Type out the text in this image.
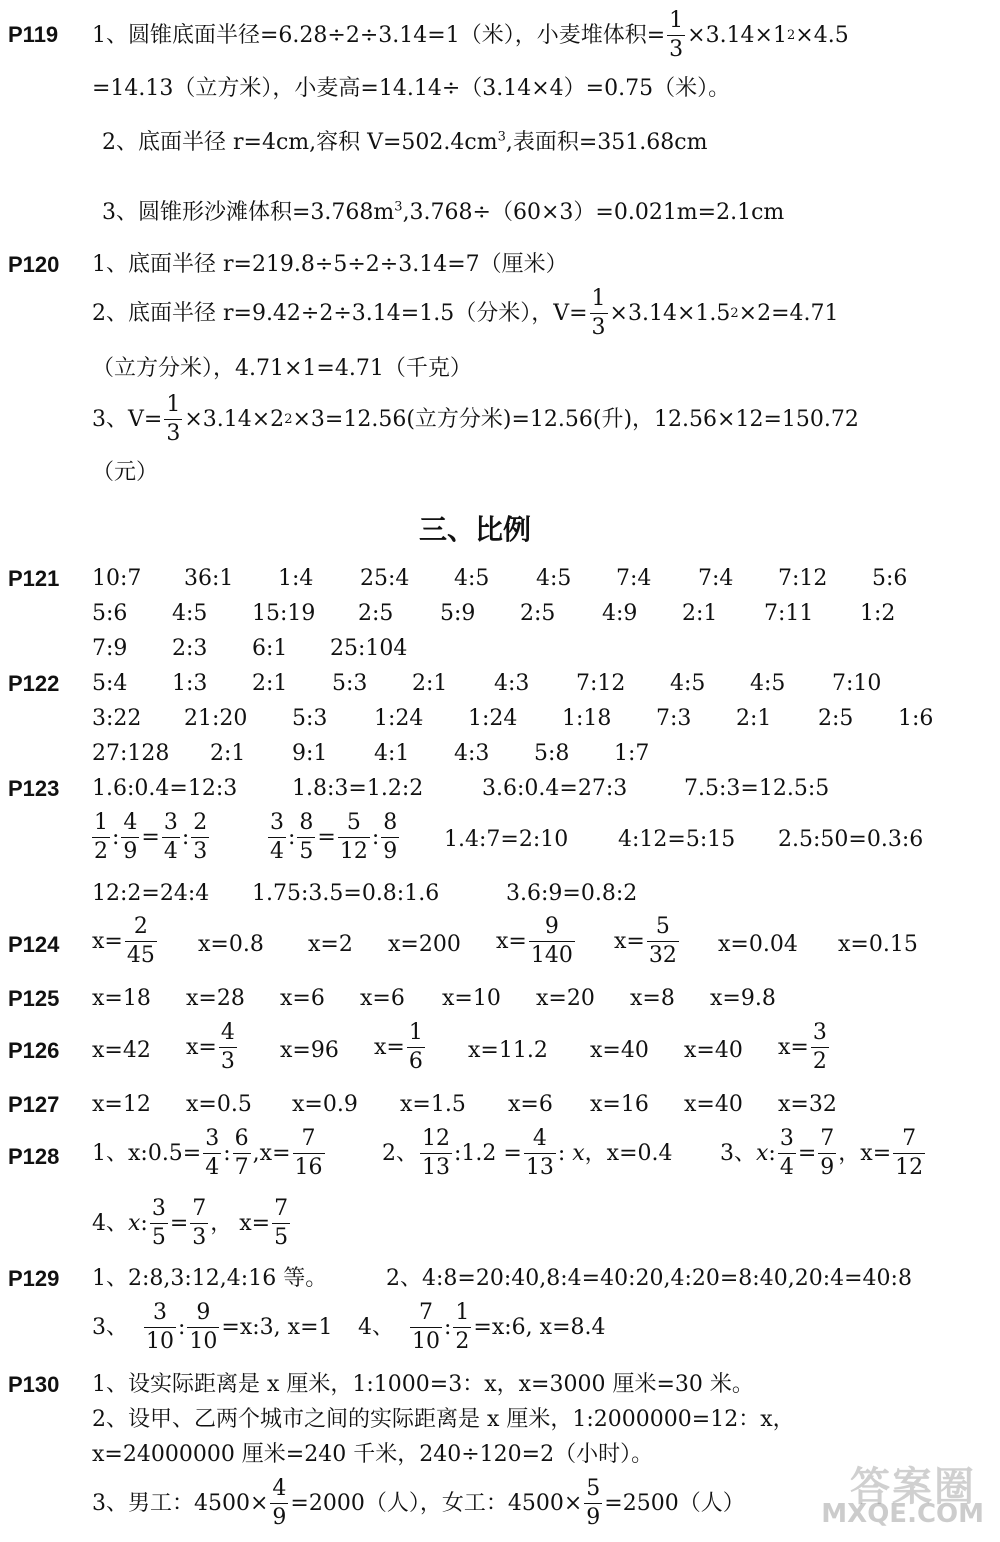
P119 1、圆锥底面半径=6.28÷2÷3.14=1（米），小麦堆体积= $\frac{1}{3} \times 3.14\times 1$ 2 ×4.5
=14.13（立方米），小麦高=14.14÷（3.14×4）=0.75（米）。
2、底面半径 r=4cm,容积 $V=502.4cm^3$,表面积=351.68cm
3、圆锥形沙滩体积$=3.768m^3,3.768\div(60\times 3)=0.021m=2.1cm$
P120 1、底面半径 r=219.8÷5÷2÷3.14=7（厘米）
2、底面半径 r=9.42÷2÷3.14=1.5（分米），$V= \frac{1}{3} \times 3.14\times 1.5$ 2 ×2=4.71
（立方分米），4.71×1=4.71（千克）
3、$V= \frac{1}{3} \times 3.14\times 2$ 2 ×3=12.56(立方分米)=12.56(升)，12.56×12=150.72
（元）
三、比例
P121 10:7 36:1 1:4 25:4 4:5 4:5 7:4 7:4 7:12 5:6
5:6 4:5 15:19 2:5 5:9 2:5 4:9 2:1 7:11 1:2
7:9 2:3 6:1 25:104
P122 5:4 1:3 2:1 5:3 2:1 4:3 7:12 4:5 4:5 7:10
3:22 21:20 5:3 1:24 1:24 1:18 7:3 2:1 2:5 1:6
27:128 2:1 9:1 4:1 4:3 5:8 1:7
P123 1.6:0.4=12:3 1.8:3=1.2:2	3.6:0.4=27:3	7.5:3=12.5:5
$\frac{1}{2}$ : $\frac{4}{9} = \frac{3}{4}$ : $\frac{2}{3}$	$\frac{3}{4}$ : $\frac{8}{5} = \frac{5}{12}$ : $\frac{8}{9}$ 1.4:7=2:10 4:12=5:15 2.5:50=0.3:6
12:2=24:4 1.75:3.5=0.8:1.6	3.6:9=0.8:2
P124 $x= \frac{2}{45} x=0.8$ x=2 x=200 $x= \frac{9}{140} x= \frac{5}{32} x=0.04$ x=0.15
P125 x=18 x=28 x=6 x=6 x=10 x=20 x=8 x=9.8
P126 x=42 $x= \frac{4}{3} x=96$ $x= \frac{1}{6} x=11.2$ x=40 x=40 $x= \frac{3}{2}$
P127 x=12 x=0.5 x=0.9 x=1.5 x=6 x=16 x=40 x=32
P128 1、x:0.5= $\frac{3}{4}$ : $\frac{6}{7} ,x= \frac{7}{16}$	2、 $\frac{12}{13}$ :1.2 = $\frac{4}{13}$ :
x ，x=0.4 3、 x : $\frac{3}{4} = \frac{7}{9}$ ，$x= \frac{7}{12}$
4、 x : $\frac{3}{5} = \frac{7}{3}$ ， $x= \frac{7}{5}$
P129 1、2:8,3:12,4:16 等。	2、4:8=20:40,8:4=40:20,4:20=8:40,20:4=40:8
3、 $\frac{3}{10}$ : $\frac{9}{10}$ =x:3, x=1 4、 $\frac{7}{10}$ : $\frac{1}{2}$ =x:6, x=8.4
P130 1、设实际距离是 x 厘米，1:1000=3：x，x=3000 厘米=30 米。
2、设甲、乙两个城市之间的实际距离是 x 厘米，1:2000000=12：x，
x=24000000 厘米=240 千米，240÷120=2（小时）。
3、男工：$4500\times \frac{4}{9} =2000$（人），女工：$4500\times \frac{5}{9} =2500$（人）	答案圈
MXQE.COM
